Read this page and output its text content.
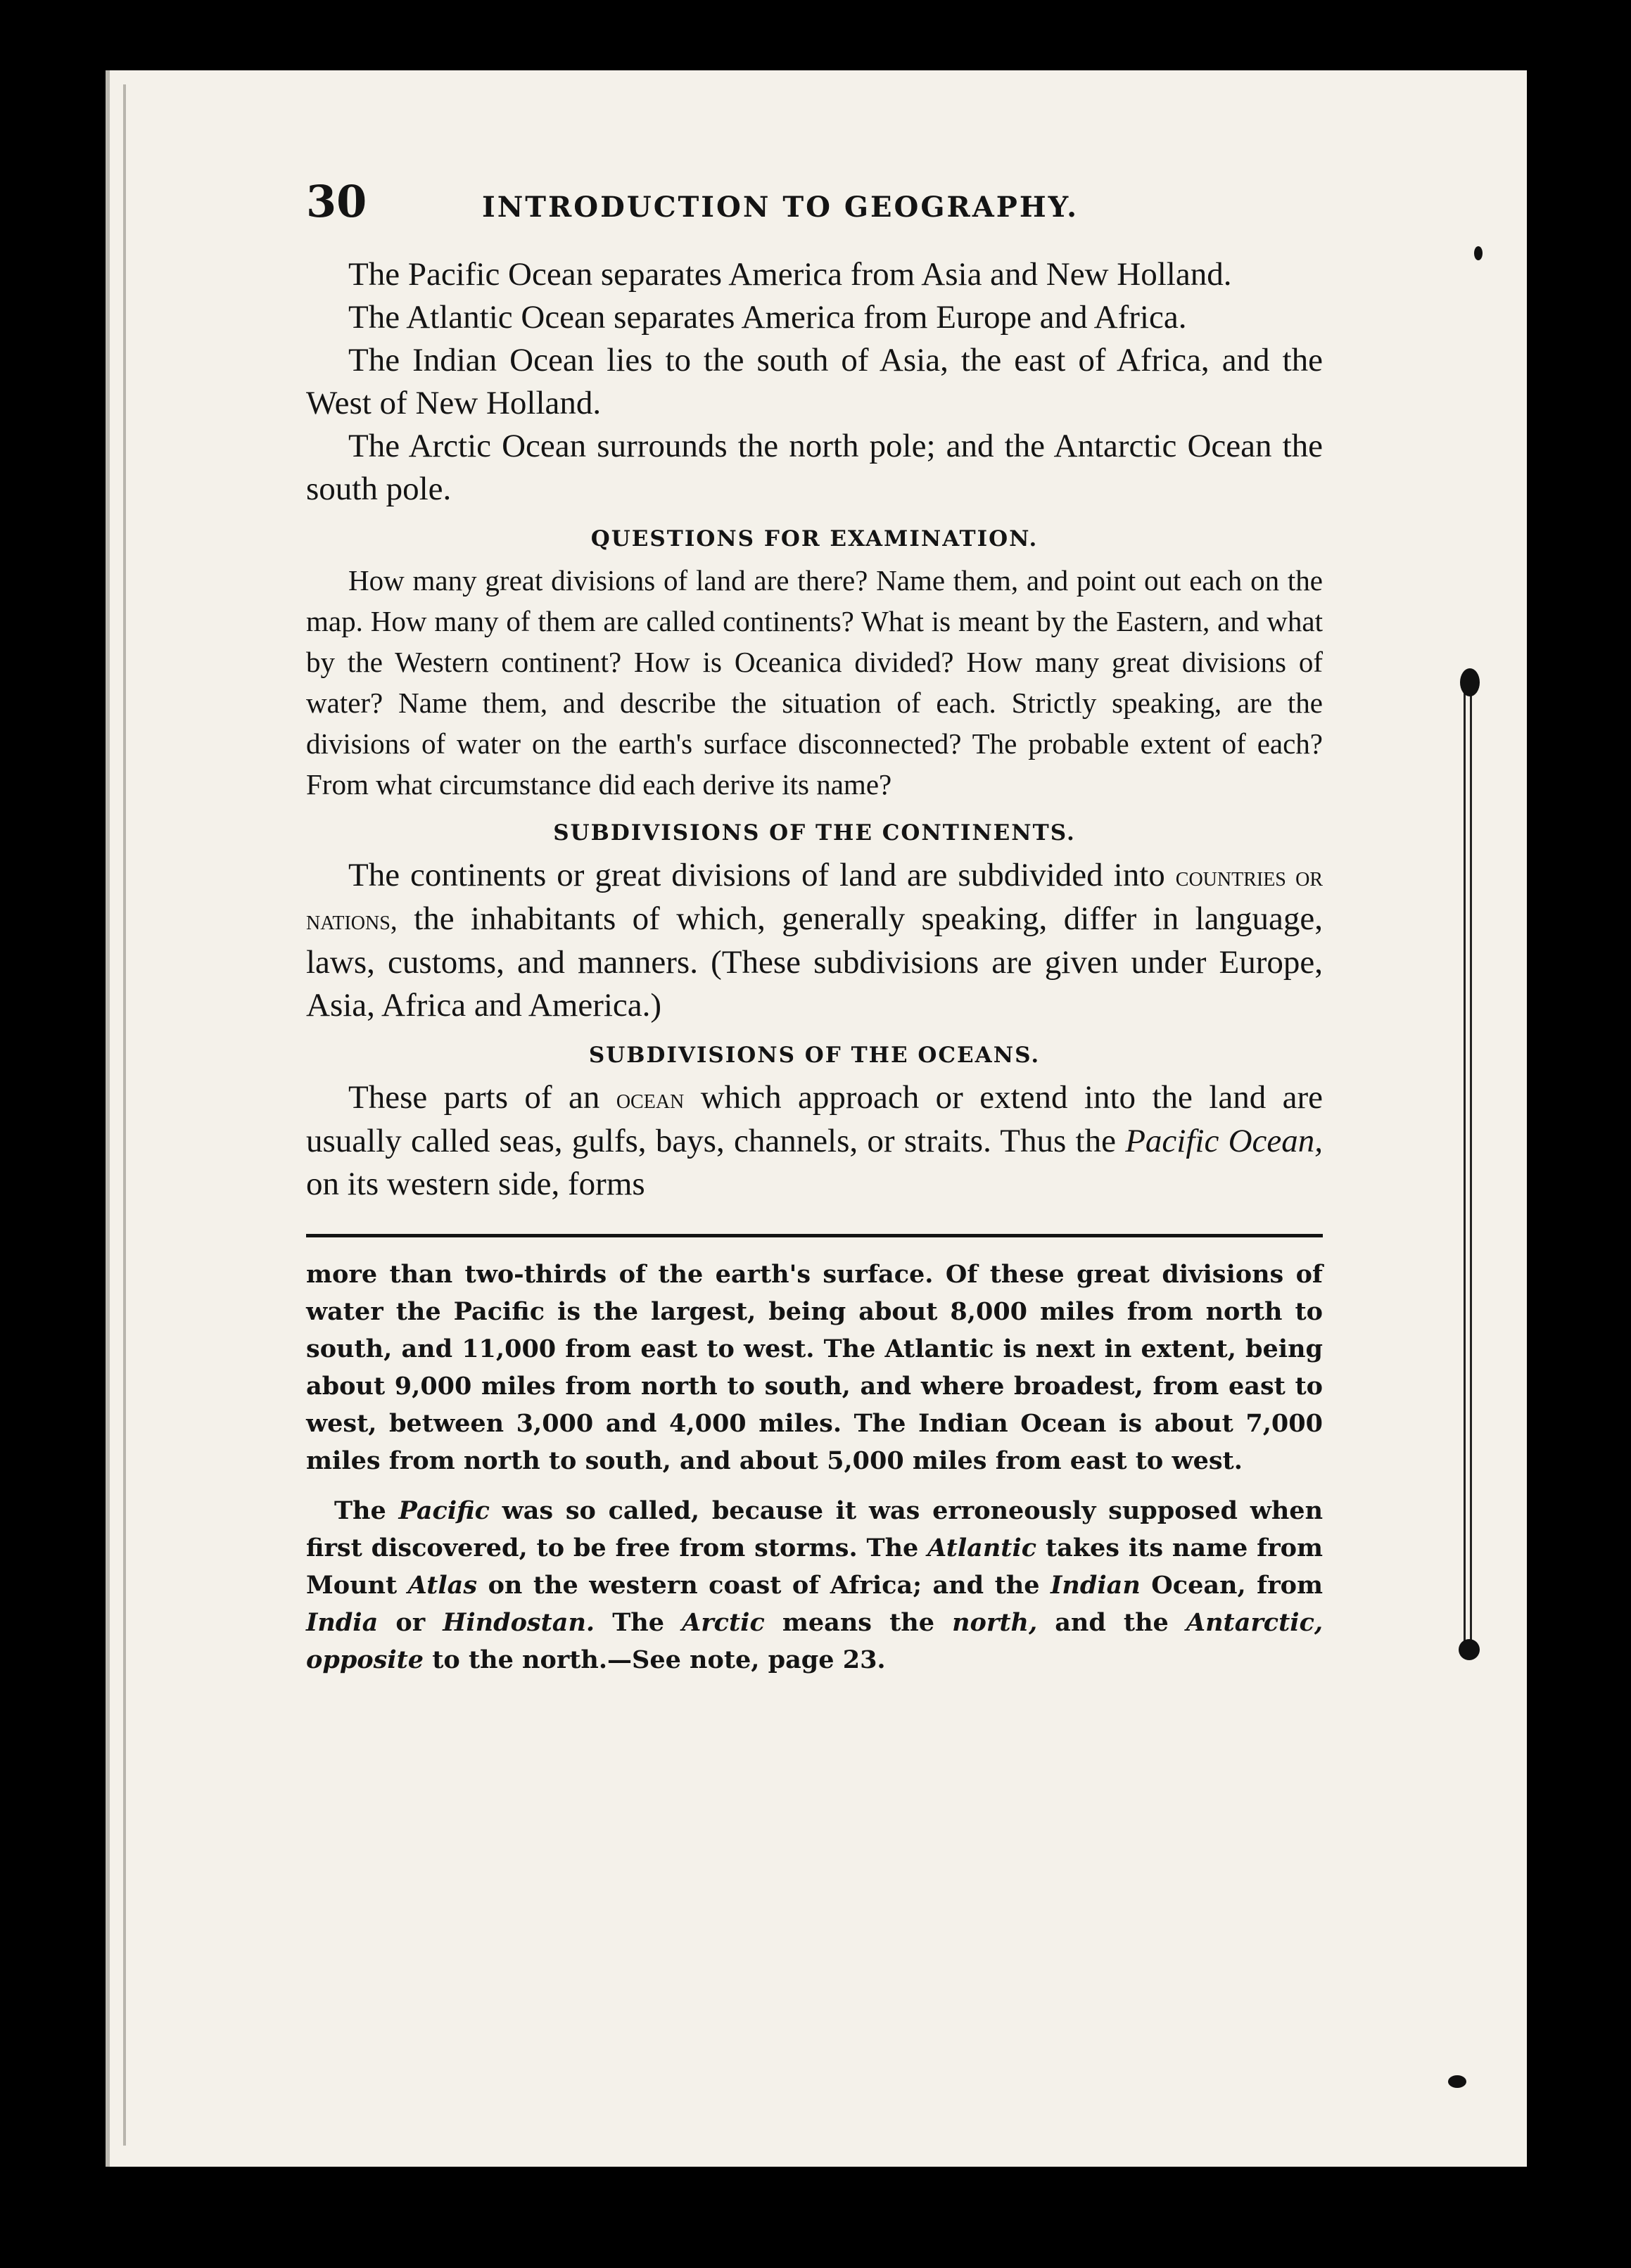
30	INTRODUCTION TO GEOGRAPHY.

The Pacific Ocean separates America from Asia and New Holland.

The Atlantic Ocean separates America from Europe and Africa.

The Indian Ocean lies to the south of Asia, the east of Africa, and the West of New Holland.

The Arctic Ocean surrounds the north pole; and the Antarctic Ocean the south pole.

QUESTIONS FOR EXAMINATION.

How many great divisions of land are there? Name them, and point out each on the map. How many of them are called continents? What is meant by the Eastern, and what by the Western continent? How is Oceanica divided? How many great divisions of water? Name them, and describe the situation of each. Strictly speaking, are the divisions of water on the earth's surface disconnected? The probable extent of each? From what circumstance did each derive its name?

SUBDIVISIONS OF THE CONTINENTS.

The continents or great divisions of land are subdivided into countries or nations, the inhabitants of which, generally speaking, differ in language, laws, customs, and manners. (These subdivisions are given under Europe, Asia, Africa and America.)

SUBDIVISIONS OF THE OCEANS.

These parts of an ocean which approach or extend into the land are usually called seas, gulfs, bays, channels, or straits. Thus the Pacific Ocean, on its western side, forms

more than two-thirds of the earth's surface. Of these great divisions of water the Pacific is the largest, being about 8,000 miles from north to south, and 11,000 from east to west. The Atlantic is next in extent, being about 9,000 miles from north to south, and where broadest, from east to west, between 3,000 and 4,000 miles. The Indian Ocean is about 7,000 miles from north to south, and about 5,000 miles from east to west.

The Pacific was so called, because it was erroneously supposed when first discovered, to be free from storms. The Atlantic takes its name from Mount Atlas on the western coast of Africa; and the Indian Ocean, from India or Hindostan. The Arctic means the north, and the Antarctic, opposite to the north.—See note, page 23.
